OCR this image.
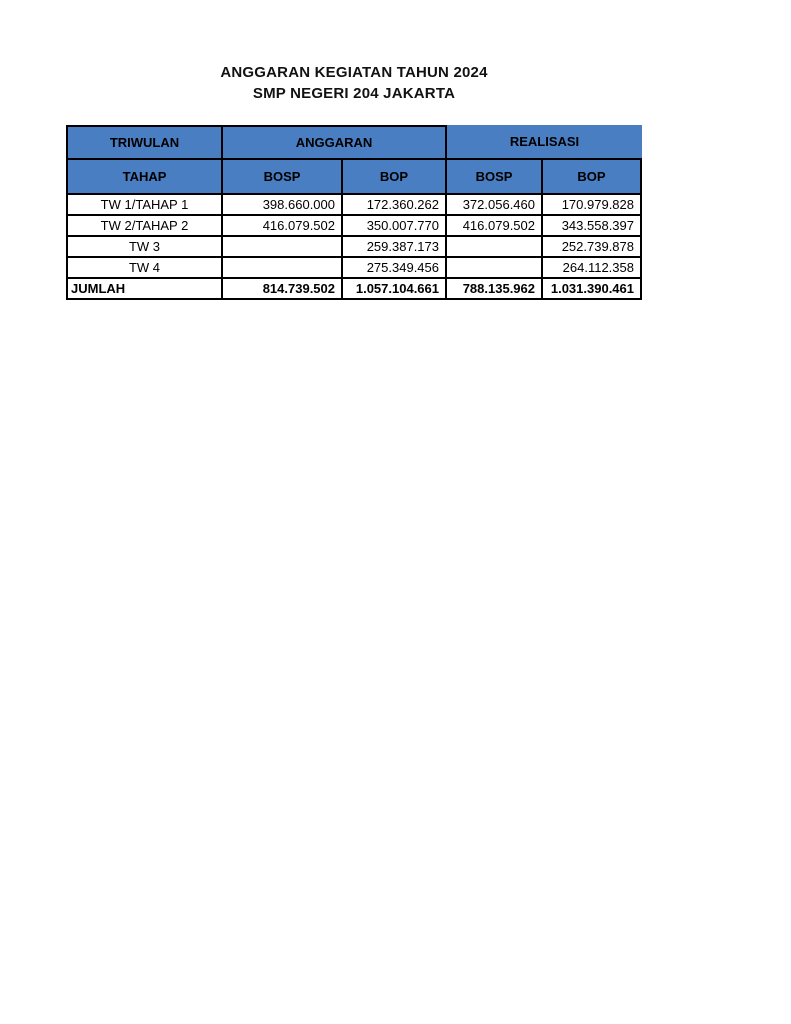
ANGGARAN KEGIATAN TAHUN 2024
SMP NEGERI 204 JAKARTA
TRIWULAN	ANGGARAN		REALISASI	

TAHAP	BOSP	BOP	BOSP	BOP
TW 1/TAHAP 1	398.660.000	172.360.262	372.056.460	170.979.828
TW 2/TAHAP 2	416.079.502	350.007.770	416.079.502	343.558.397
TW 3		259.387.173		252.739.878
TW 4		275.349.456		264.112.358
JUMLAH	814.739.502	1.057.104.661	788.135.962	1.031.390.461
